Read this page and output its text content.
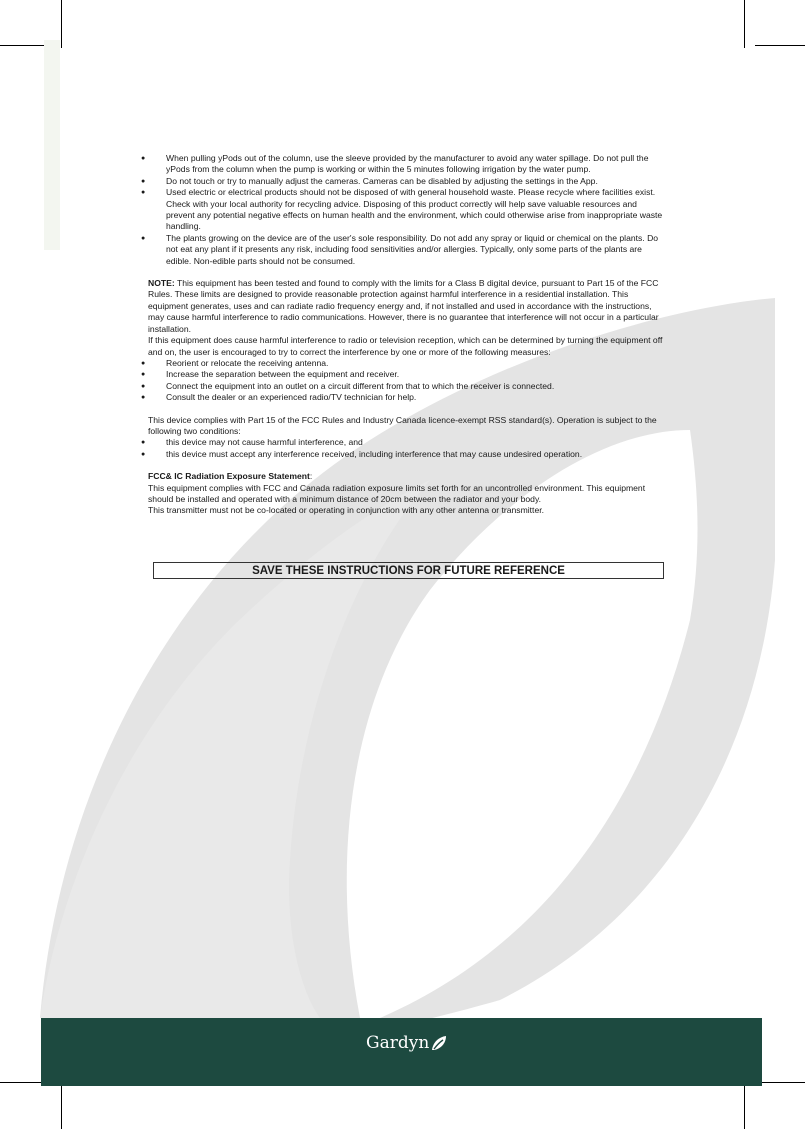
● When pulling yPods out of the column, use the sleeve provided by the manufacturer to avoid any water spillage. Do not pull the yPods from the column when the pump is working or within the 5 minutes following irrigation by the water pump.
● Do not touch or try to manually adjust the cameras. Cameras can be disabled by adjusting the settings in the App.
● Used electric or electrical products should not be disposed of with general household waste. Please recycle where facilities exist. Check with your local authority for recycling advice. Disposing of this product correctly will help save valuable resources and prevent any potential negative effects on human health and the environment, which could otherwise arise from inappropriate waste handling.
● The plants growing on the device are of the user's sole responsibility. Do not add any spray or liquid or chemical on the plants. Do not eat any plant if it presents any risk, including food sensitivities and/or allergies. Typically, only some parts of the plants are edible. Non-edible parts should not be consumed.

NOTE: This equipment has been tested and found to comply with the limits for a Class B digital device, pursuant to Part 15 of the FCC Rules. These limits are designed to provide reasonable protection against harmful interference in a residential installation. This equipment generates, uses and can radiate radio frequency energy and, if not installed and used in accordance with the instructions, may cause harmful interference to radio communications. However, there is no guarantee that interference will not occur in a particular installation.

If this equipment does cause harmful interference to radio or television reception, which can be determined by turning the equipment off and on, the user is encouraged to try to correct the interference by one or more of the following measures:

● Reorient or relocate the receiving antenna.
● Increase the separation between the equipment and receiver.
● Connect the equipment into an outlet on a circuit different from that to which the receiver is connected.
● Consult the dealer or an experienced radio/TV technician for help.

This device complies with Part 15 of the FCC Rules and Industry Canada licence-exempt RSS standard(s). Operation is subject to the following two conditions:

● this device may not cause harmful interference, and
● this device must accept any interference received, including interference that may cause undesired operation.

FCC& IC Radiation Exposure Statement:

This equipment complies with FCC and Canada radiation exposure limits set forth for an uncontrolled environment. This equipment should be installed and operated with a minimum distance of 20cm between the radiator and your body.

This transmitter must not be co-located or operating in conjunction with any other antenna or transmitter.

SAVE THESE INSTRUCTIONS FOR FUTURE REFERENCE
Gardyn
